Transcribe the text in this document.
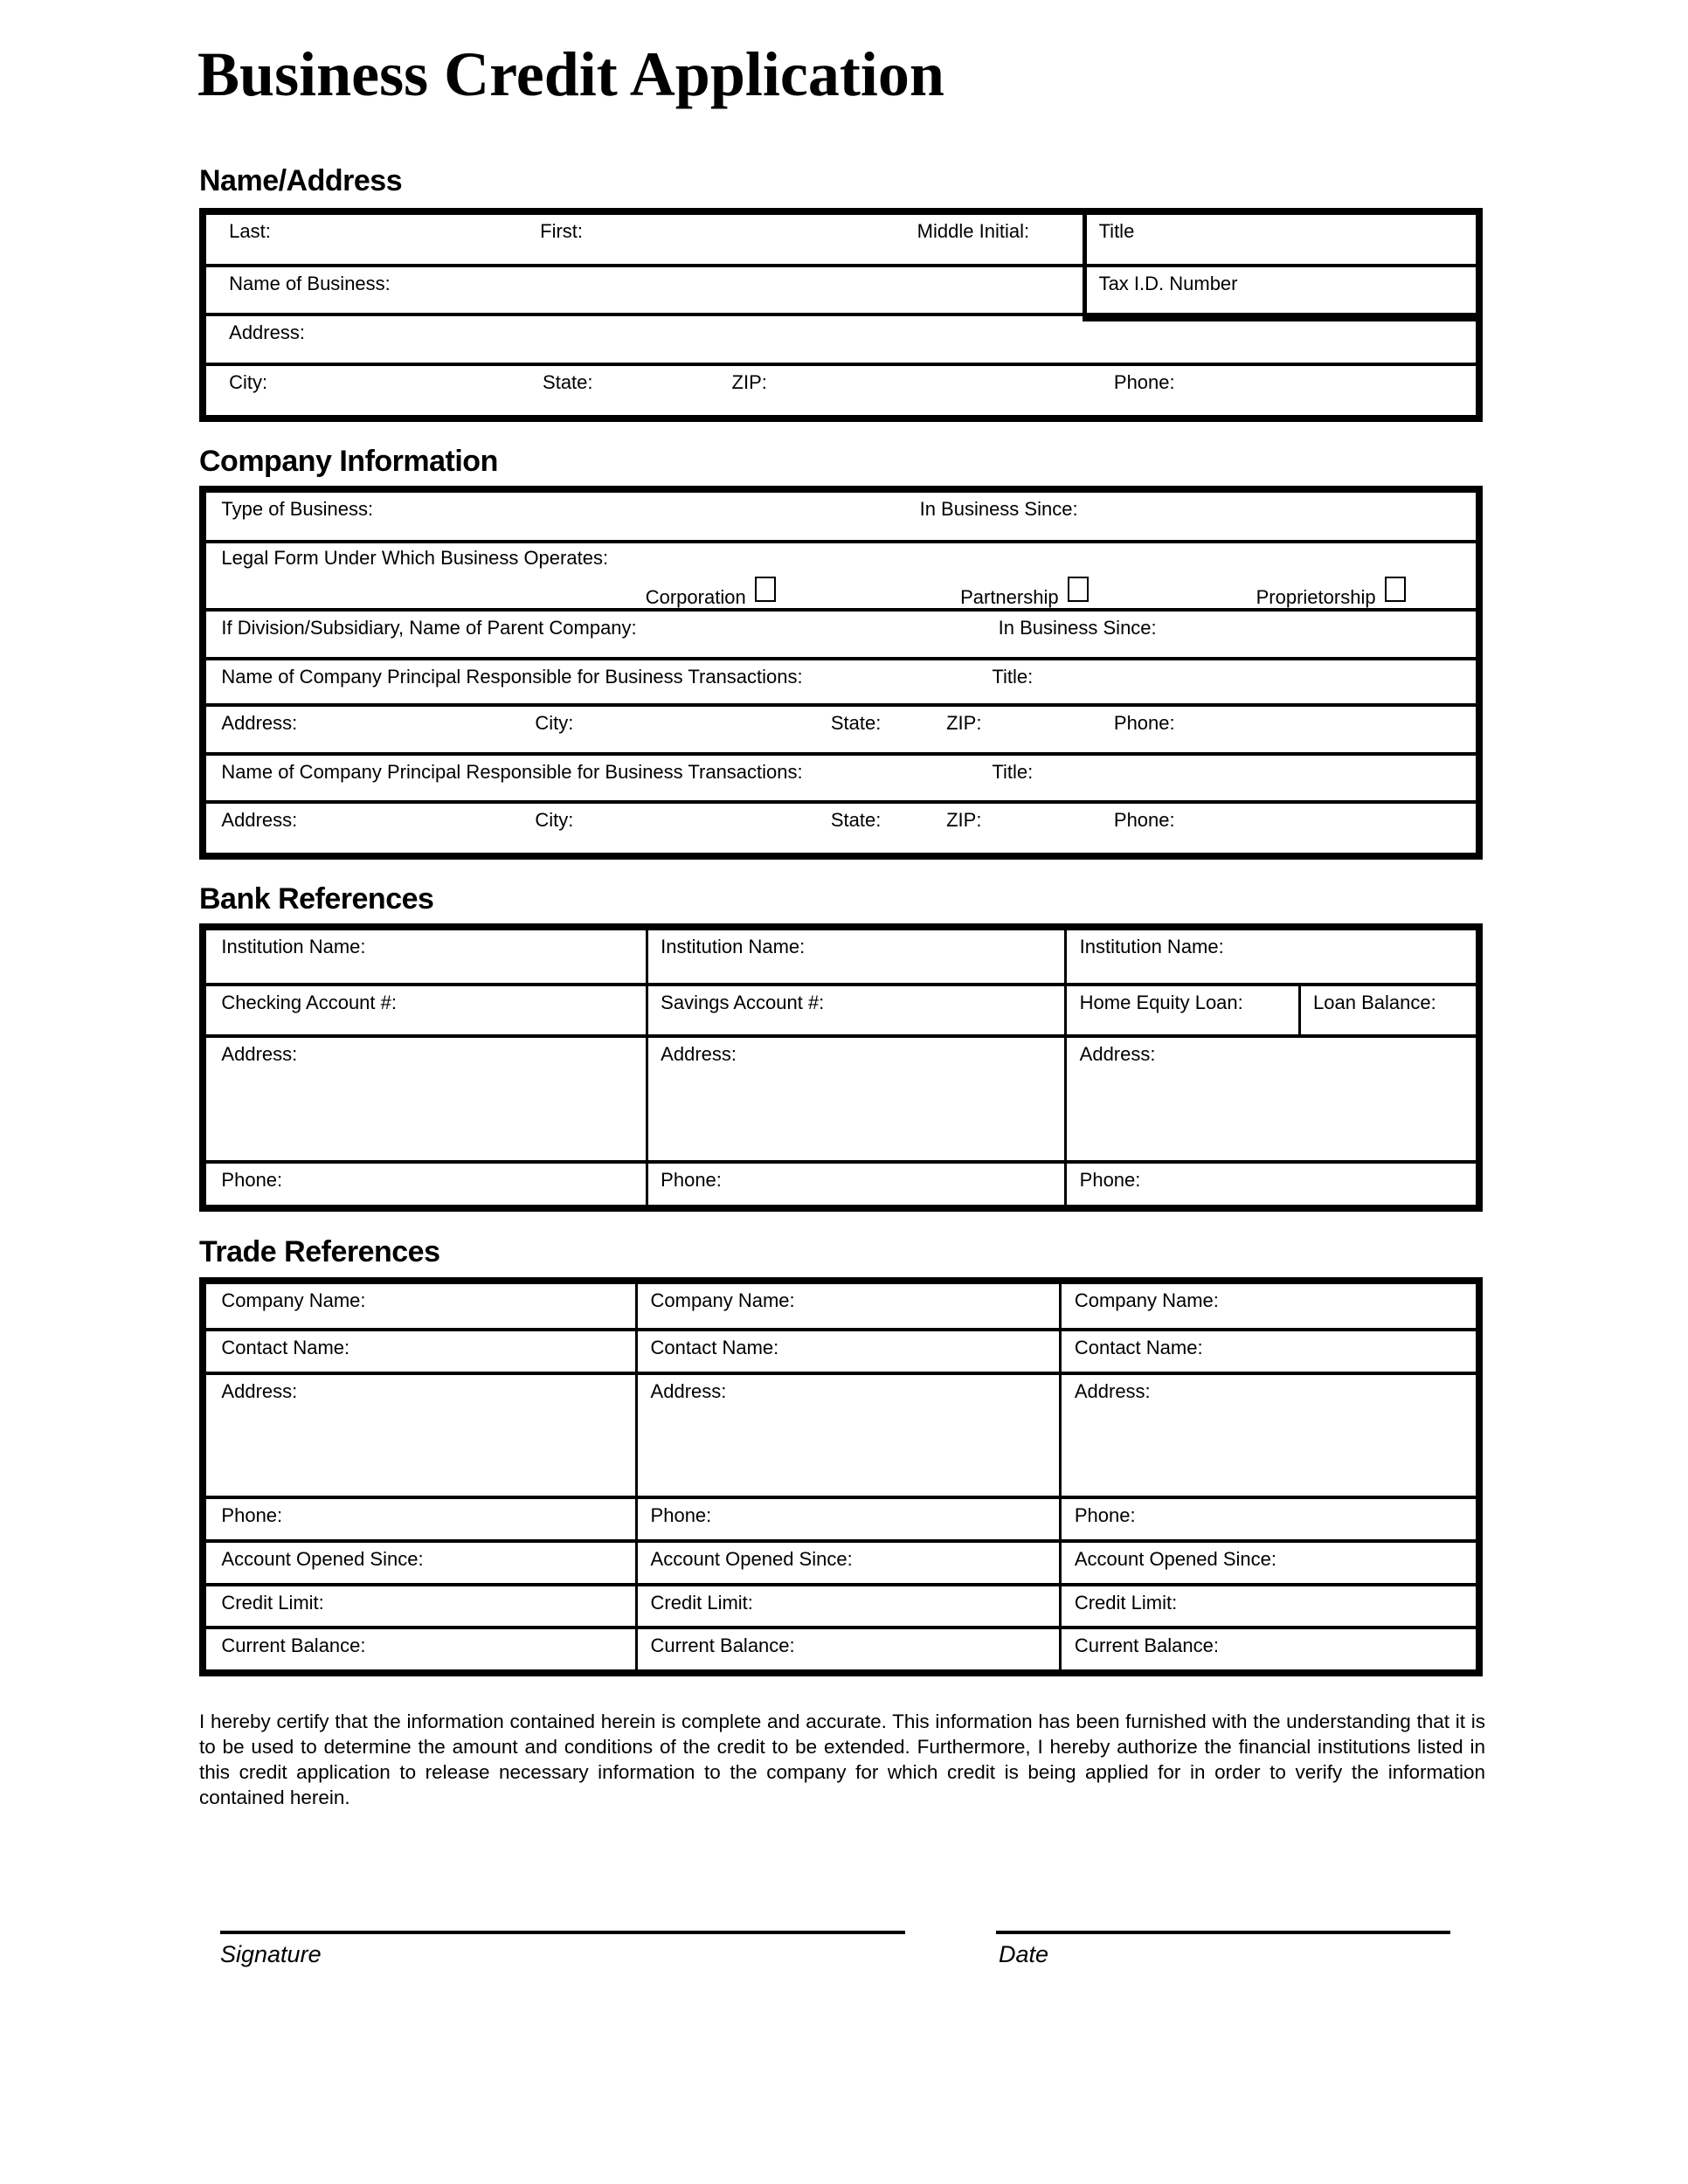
Business Credit Application
Name/Address
Last:	First:	Middle Initial:	Title
Name of Business:	Tax I.D. Number
Address:
City:	State:	ZIP:	Phone:
Company Information
Type of Business:	In Business Since:
Legal Form Under Which Business Operates:
Corporation	Partnership	Proprietorship
If Division/Subsidiary, Name of Parent Company:	In Business Since:
Name of Company Principal Responsible for Business Transactions:	Title:
Address:	City:	State:	ZIP:	Phone:
Name of Company Principal Responsible for Business Transactions:	Title:
Address:	City:	State:	ZIP:	Phone:
Bank References
Institution Name:	Institution Name:	Institution Name:
Checking Account #:	Savings Account #:	Home Equity Loan:	Loan Balance:
Address:	Address:	Address:
Phone:	Phone:	Phone:
Trade References
Company Name:	Company Name:	Company Name:
Contact Name:	Contact Name:	Contact Name:
Address:	Address:	Address:
Phone:	Phone:	Phone:
Account Opened Since:	Account Opened Since:	Account Opened Since:
Credit Limit:	Credit Limit:	Credit Limit:
Current Balance:	Current Balance:	Current Balance:

I hereby certify that the information contained herein is complete and accurate. This information has been furnished with the understanding that it is to be used to determine the amount and conditions of the credit to be extended. Furthermore, I hereby authorize the financial institutions listed in this credit application to release necessary information to the company for which credit is being applied for in order to verify the information contained herein.

Signature	Date
